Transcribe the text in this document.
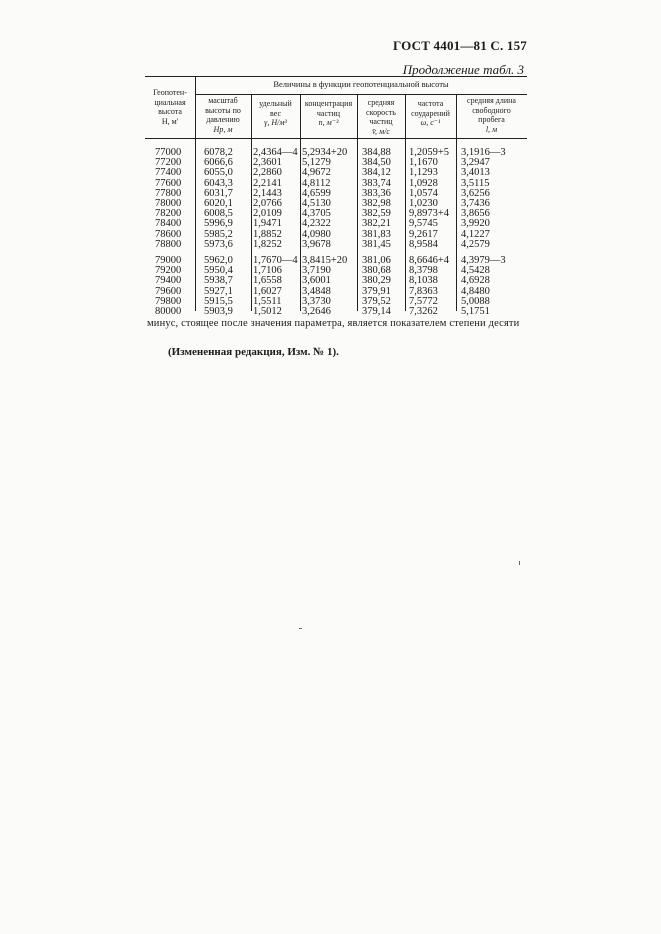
ГОСТ 4401—81 С. 157
Продолжение табл. 3
Геопотен-
циальная
высота
H, м'
Величины в функции геопотенциальной высоты
масштаб
высоты по
давлению
Hp, м
удельный
вес
γ, Н/м³
концентрация
частиц
n, м⁻³
средняя
скорость
частиц
v̄, м/с
частота
соударений
ω, с⁻¹
средняя длина
свободного
пробега
l, м
77000 6078,2 2,4364—4 5,2934+20 384,88 1,2059+5 3,1916—3
77200 6066,6 2,3601 5,1279	384,50 1,1670 3,2947
77400 6055,0 2,2860 4,9672	384,12 1,1293 3,4013
77600 6043,3 2,2141 4,8112	383,74 1,0928 3,5115
77800 6031,7 2,1443 4,6599	383,36 1,0574 3,6256
78000 6020,1 2,0766 4,5130	382,98 1,0230 3,7436
78200 6008,5 2,0109 4,3705	382,59 9,8973+4 3,8656
78400 5996,9 1,9471 4,2322	382,21 9,5745 3,9920
78600 5985,2 1,8852 4,0980	381,83 9,2617 4,1227
78800 5973,6 1,8252 3,9678	381,45 8,9584 4,2579
79000 5962,0 1,7670—4 3,8415+20 381,06 8,6646+4 4,3979—3
79200 5950,4 1,7106 3,7190	380,68 8,3798 4,5428
79400 5938,7 1,6558 3,6001	380,29 8,1038 4,6928
79600 5927,1 1,6027 3,4848	379,91 7,8363 4,8480
79800 5915,5 1,5511 3,3730	379,52 7,5772 5,0088
80000 5903,9 1,5012 3,2646	379,14 7,3262 5,1751
минус, стоящее после значения параметра, является показателем степени десяти
(Измененная редакция, Изм. № 1).
